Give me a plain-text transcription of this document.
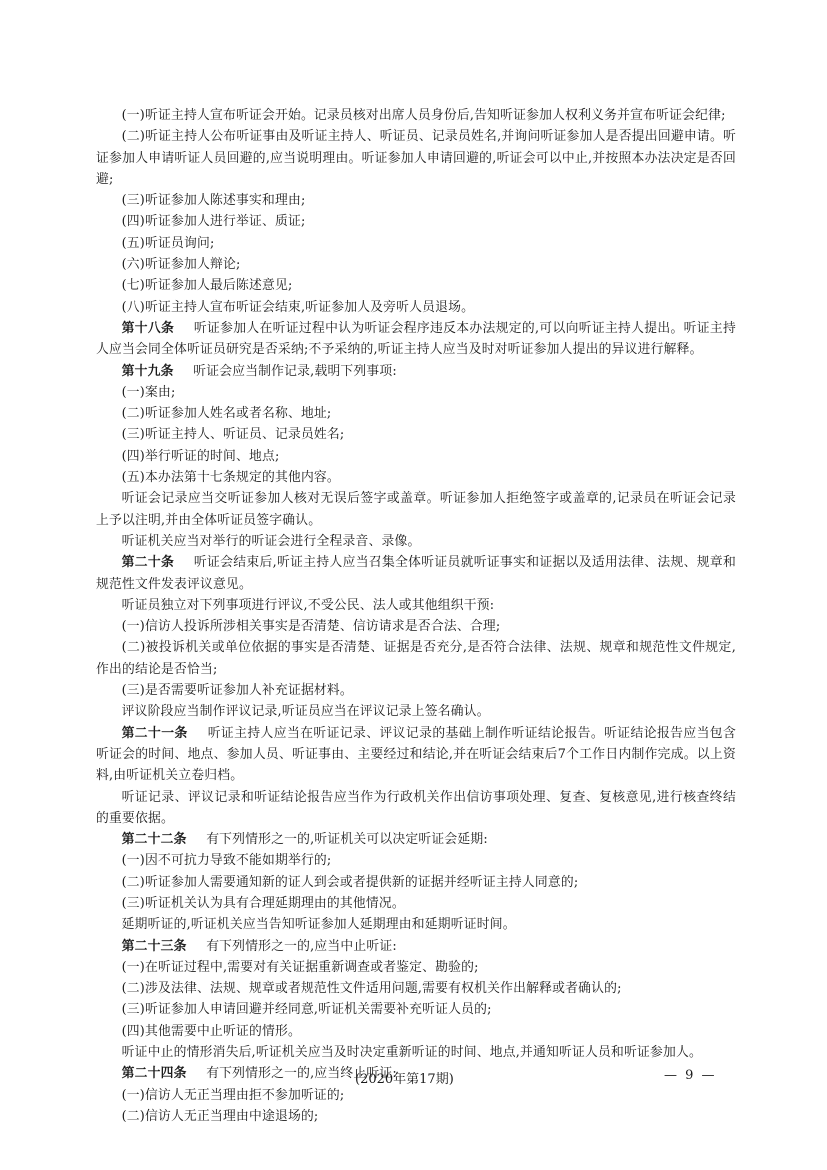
(一)听证主持人宣布听证会开始。记录员核对出席人员身份后,告知听证参加人权利义务并宣布听证会纪律;

(二)听证主持人公布听证事由及听证主持人、听证员、记录员姓名,并询问听证参加人是否提出回避申请。听证参加人申请听证人员回避的,应当说明理由。听证参加人申请回避的,听证会可以中止,并按照本办法决定是否回避;

(三)听证参加人陈述事实和理由;

(四)听证参加人进行举证、质证;

(五)听证员询问;

(六)听证参加人辩论;

(七)听证参加人最后陈述意见;

(八)听证主持人宣布听证会结束,听证参加人及旁听人员退场。

第十八条　  听证参加人在听证过程中认为听证会程序违反本办法规定的,可以向听证主持人提出。听证主持人应当会同全体听证员研究是否采纳;不予采纳的,听证主持人应当及时对听证参加人提出的异议进行解释。

第十九条　  听证会应当制作记录,载明下列事项:

(一)案由;

(二)听证参加人姓名或者名称、地址;

(三)听证主持人、听证员、记录员姓名;

(四)举行听证的时间、地点;

(五)本办法第十七条规定的其他内容。

听证会记录应当交听证参加人核对无误后签字或盖章。听证参加人拒绝签字或盖章的,记录员在听证会记录上予以注明,并由全体听证员签字确认。

听证机关应当对举行的听证会进行全程录音、录像。

第二十条　  听证会结束后,听证主持人应当召集全体听证员就听证事实和证据以及适用法律、法规、规章和规范性文件发表评议意见。

听证员独立对下列事项进行评议,不受公民、法人或其他组织干预:

(一)信访人投诉所涉相关事实是否清楚、信访请求是否合法、合理;

(二)被投诉机关或单位依据的事实是否清楚、证据是否充分,是否符合法律、法规、规章和规范性文件规定,作出的结论是否恰当;

(三)是否需要听证参加人补充证据材料。

评议阶段应当制作评议记录,听证员应当在评议记录上签名确认。

第二十一条　  听证主持人应当在听证记录、评议记录的基础上制作听证结论报告。听证结论报告应当包含听证会的时间、地点、参加人员、听证事由、主要经过和结论,并在听证会结束后7个工作日内制作完成。以上资料,由听证机关立卷归档。

听证记录、评议记录和听证结论报告应当作为行政机关作出信访事项处理、复查、复核意见,进行核查终结的重要依据。

第二十二条　  有下列情形之一的,听证机关可以决定听证会延期:

(一)因不可抗力导致不能如期举行的;

(二)听证参加人需要通知新的证人到会或者提供新的证据并经听证主持人同意的;

(三)听证机关认为具有合理延期理由的其他情况。

延期听证的,听证机关应当告知听证参加人延期理由和延期听证时间。

第二十三条　  有下列情形之一的,应当中止听证:

(一)在听证过程中,需要对有关证据重新调查或者鉴定、勘验的;

(二)涉及法律、法规、规章或者规范性文件适用问题,需要有权机关作出解释或者确认的;

(三)听证参加人申请回避并经同意,听证机关需要补充听证人员的;

(四)其他需要中止听证的情形。

听证中止的情形消失后,听证机关应当及时决定重新听证的时间、地点,并通知听证人员和听证参加人。

第二十四条　  有下列情形之一的,应当终止听证:

(一)信访人无正当理由拒不参加听证的;

(二)信访人无正当理由中途退场的;

(2020年第17期)	— 9 —
